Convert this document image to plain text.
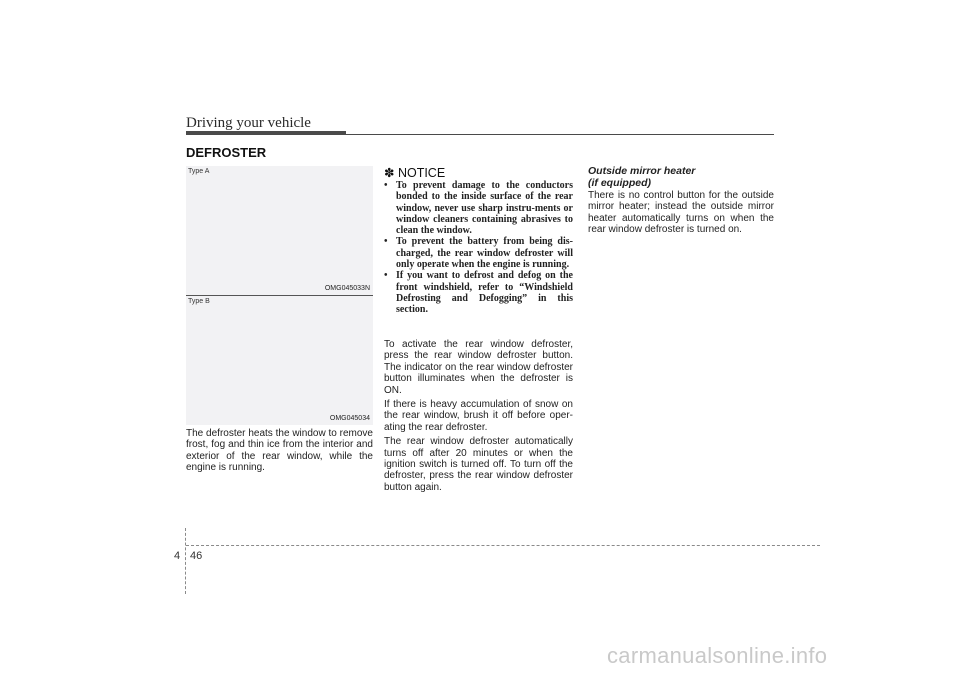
Driving your vehicle
DEFROSTER
Type A
OMG045033N
Type B
OMG045034
The defroster heats the window to remove frost, fog and thin ice from the interior and exterior of the rear window, while the engine is running.
✽ NOTICE
• To prevent damage to the conductors bonded to the inside surface of the rear window, never use sharp instru-ments or window cleaners containing abrasives to clean the window.
• To prevent the battery from being dis-charged, the rear window defroster will only operate when the engine is running.
• If you want to defrost and defog on the front windshield, refer to “Windshield Defrosting and Defogging” in this section.

To activate the rear window defroster, press the rear window defroster button. The indicator on the rear window defroster button illuminates when the defroster is ON.

If there is heavy accumulation of snow on the rear window, brush it off before oper-ating the rear defroster.

The rear window defroster automatically turns off after 20 minutes or when the ignition switch is turned off. To turn off the defroster, press the rear window defroster button again.

Outside mirror heater
(if equipped)
There is no control button for the outside mirror heater; instead the outside mirror heater automatically turns on when the rear window defroster is turned on.
4 46
carmanualsonline.info
